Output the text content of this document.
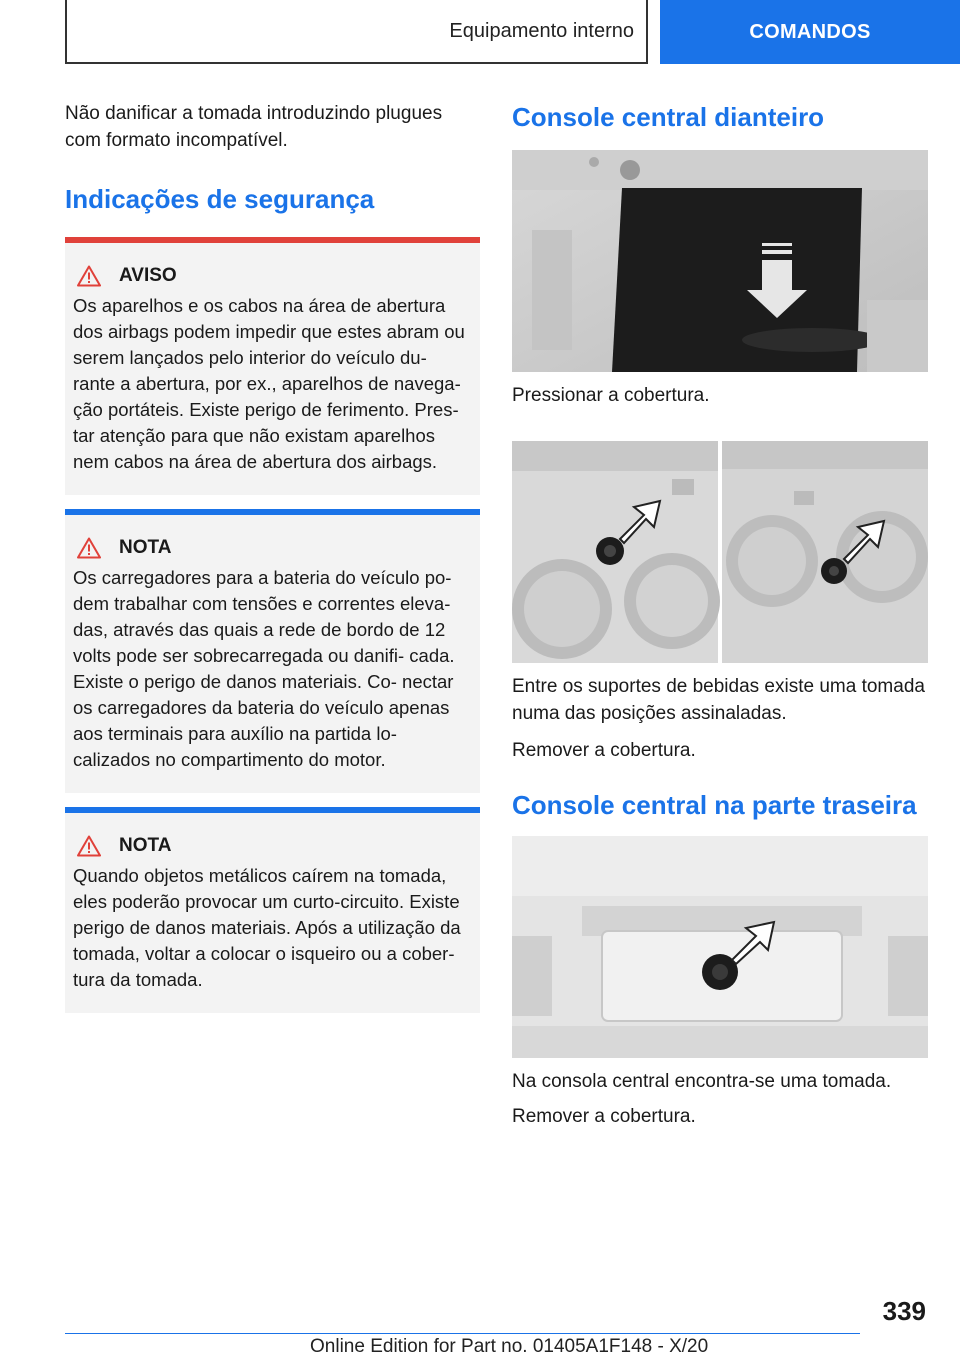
Equipamento interno	COMANDOS

Não danificar a tomada introduzindo plugues com formato incompatível.

Indicações de segurança
AVISO

Os aparelhos e os cabos na área de abertura dos airbags podem impedir que estes abram ou serem lançados pelo interior do veículo du‐ rante a abertura, por ex., aparelhos de navega‐ ção portáteis. Existe perigo de ferimento. Pres‐ tar atenção para que não existam aparelhos nem cabos na área de abertura dos airbags.

NOTA

Os carregadores para a bateria do veículo po‐ dem trabalhar com tensões e correntes eleva‐ das, através das quais a rede de bordo de 12 volts pode ser sobrecarregada ou danifi‐ cada. Existe o perigo de danos materiais. Co‐ nectar os carregadores da bateria do veículo apenas aos terminais para auxílio na partida lo‐ calizados no compartimento do motor.

NOTA

Quando objetos metálicos caírem na tomada, eles poderão provocar um curto-circuito. Existe perigo de danos materiais. Após a utilização da tomada, voltar a colocar o isqueiro ou a cober‐ tura da tomada.

Console central dianteiro

Pressionar a cobertura.

Entre os suportes de bebidas existe uma tomada numa das posições assinaladas.

Remover a cobertura.

Console central na parte traseira

Na consola central encontra-se uma tomada.

Remover a cobertura.

339
Online Edition for Part no. 01405A1F148 - X/20
